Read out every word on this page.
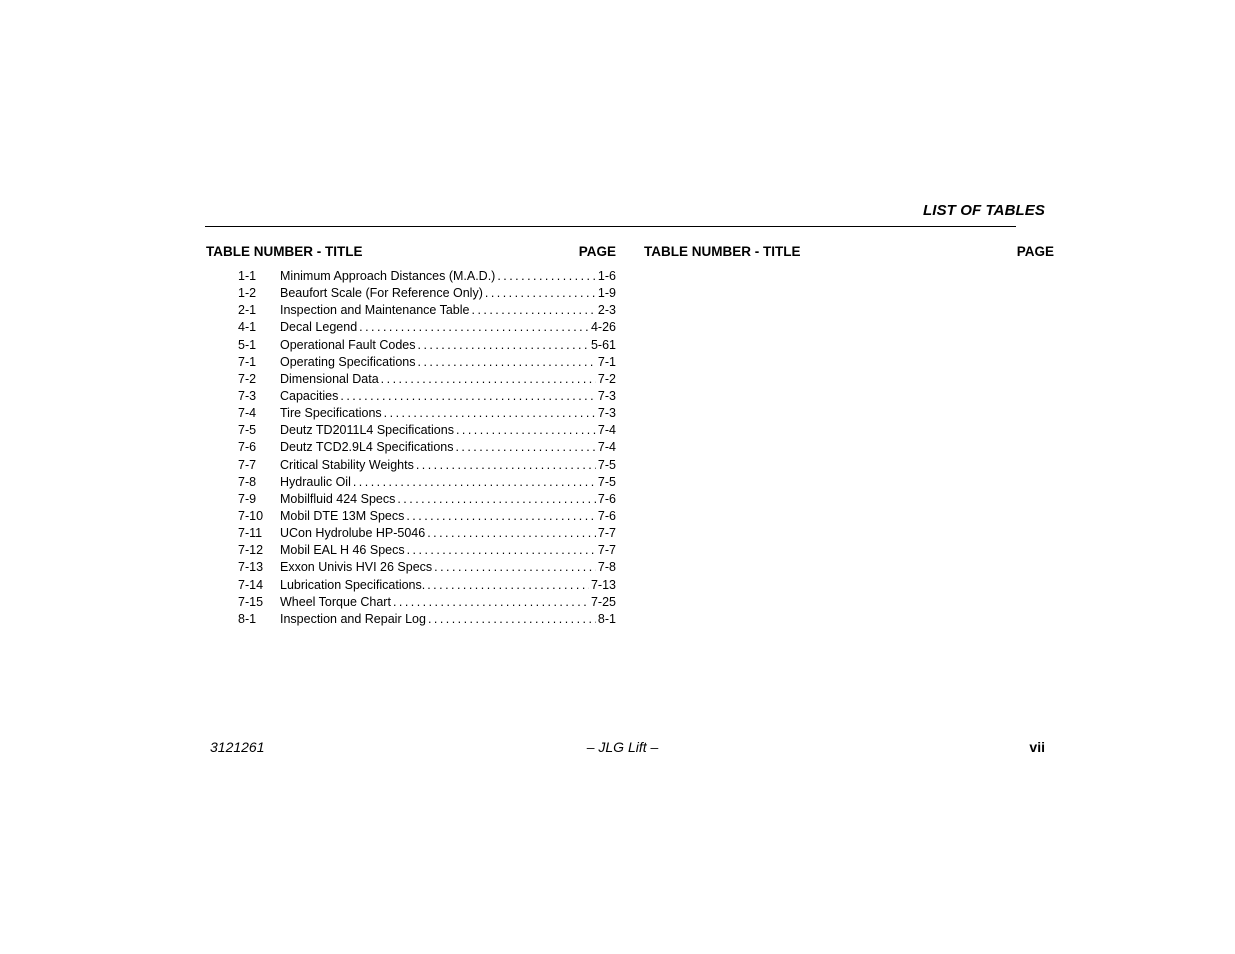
LIST OF TABLES
TABLE NUMBER - TITLE	PAGE TABLE NUMBER - TITLE	PAGE
1-1	Minimum Approach Distances (M.A.D.) . . .	1-6
1-2	Beaufort Scale (For Reference Only) . . .	1-9
2-1	Inspection and Maintenance Table . . .	2-3
4-1	Decal Legend . . .	4-26
5-1	Operational Fault Codes . . .	5-61
7-1	Operating Specifications . . .	7-1
7-2	Dimensional Data . . .	7-2
7-3	Capacities . . .	7-3
7-4	Tire Specifications . . .	7-3
7-5	Deutz TD2011L4 Specifications . . .	7-4
7-6	Deutz TCD2.9L4 Specifications . . .	7-4
7-7	Critical Stability Weights . . .	7-5
7-8	Hydraulic Oil . . .	7-5
7-9	Mobilfluid 424 Specs . . .	7-6
7-10	Mobil DTE 13M Specs . . .	7-6
7-11	UCon Hydrolube HP-5046 . . .	7-7
7-12	Mobil EAL H 46 Specs . . .	7-7
7-13	Exxon Univis HVI 26 Specs . . .	7-8
7-14	Lubrication Specifications. . . .	7-13
7-15	Wheel Torque Chart . . .	7-25
8-1	Inspection and Repair Log . . .	8-1
3121261	– JLG Lift –	vii
